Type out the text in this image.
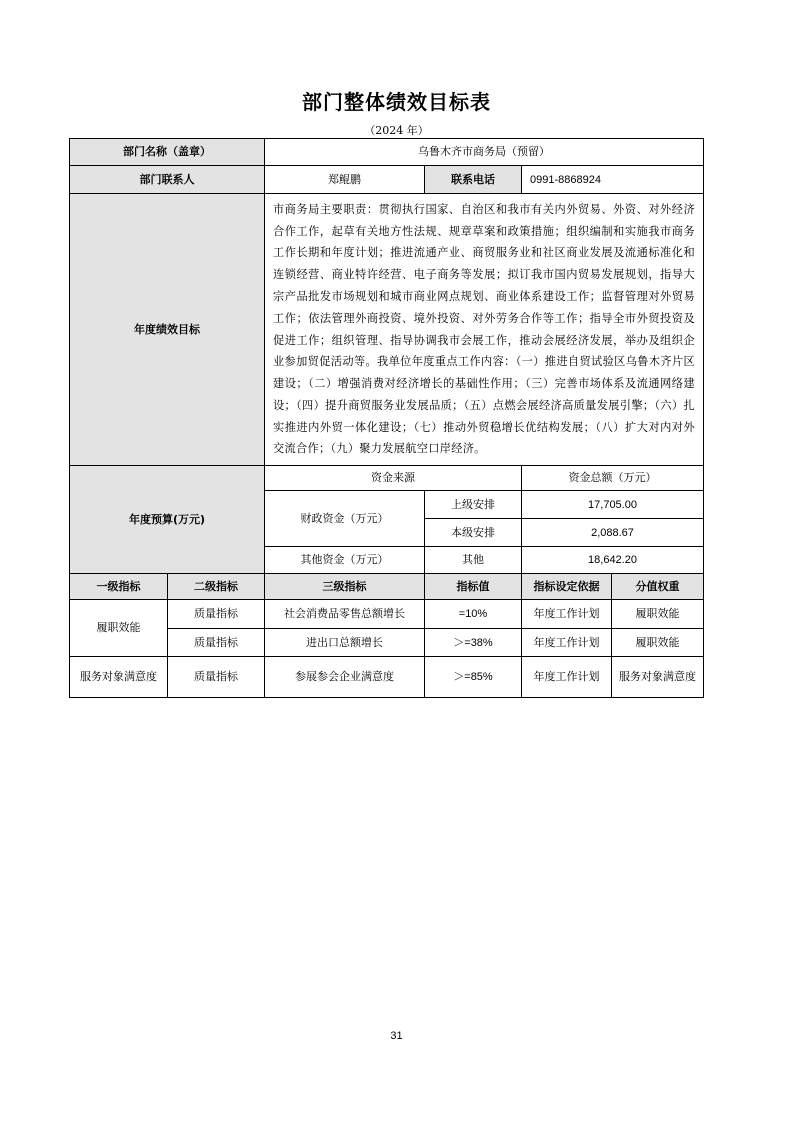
部门整体绩效目标表
（2024 年）
部门名称（盖章）		乌鲁木齐市商务局（预留）			
部门联系人		郑鲲鹏	联系电话	0991-8868924	
年度绩效目标		市商务局主要职责：贯彻执行国家、自治区和我市有关内外贸易、外资、对外经济合作工作，起草有关地方性法规、规章草案和政策措施；组织编制和实施我市商务工作长期和年度计划；推进流通产业、商贸服务业和社区商业发展及流通标准化和连锁经营、商业特许经营、电子商务等发展；拟订我市国内贸易发展规划，指导大宗产品批发市场规划和城市商业网点规划、商业体系建设工作；监督管理对外贸易工作；依法管理外商投资、境外投资、对外劳务合作等工作；指导全市外贸投资及促进工作；组织管理、指导协调我市会展工作，推动会展经济发展，举办及组织企业参加贸促活动等。我单位年度重点工作内容：（一）推进自贸试验区乌鲁木齐片区建设；（二）增强消费对经济增长的基础性作用；（三）完善市场体系及流通网络建设；（四）提升商贸服务业发展品质；（五）点燃会展经济高质量发展引擎；（六）扎实推进内外贸一体化建设；（七）推动外贸稳增长优结构发展；（八）扩大对内对外交流合作；（九）聚力发展航空口岸经济。			
年度预算(万元)		资金来源		资金总额（万元）	
		财政资金（万元）	上级安排	17,705.00	
			本级安排	2,088.67	
		其他资金（万元）	其他	18,642.20	
一级指标	二级指标	三级指标	指标值	指标设定依据	分值权重
履职效能	质量指标	社会消费品零售总额增长	=10%	年度工作计划	履职效能
	质量指标	进出口总额增长	＞=38%	年度工作计划	履职效能
服务对象满意度	质量指标	参展参会企业满意度	＞=85%	年度工作计划	服务对象满意度
31
